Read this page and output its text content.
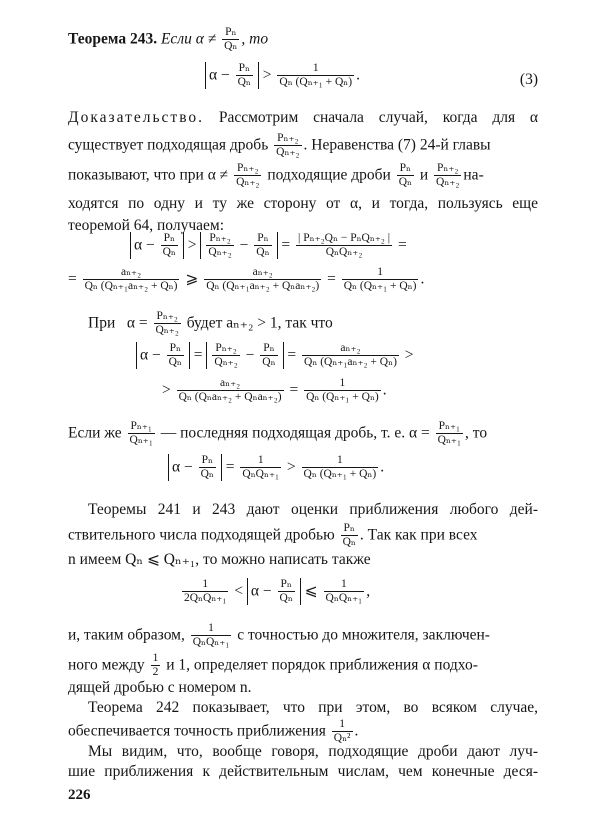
Теорема 243. Если $\alpha \ne \frac{\text{Pₙ}}{\text{Qₙ}}$ , то
$\alpha - \frac{\text{Pₙ}}{\text{Qₙ}} > \frac{1}{\text{Qₙ (Qₙ₊₁ + Qₙ)}}$ .	(3)
Доказательство. Рассмотрим сначала случай, когда для α
существует подходящая дробь $\frac{\text{Pₙ₊₂}}{\text{Qₙ₊₂}}$ . Неравенства (7) 24-й главы
показывают, что при $\alpha \ne \frac{\text{Pₙ₊₂}}{\text{Qₙ₊₂}}$ подходящие дроби $\frac{\text{Pₙ}}{\text{Qₙ}}$ и $\frac{\text{Pₙ₊₂}}{\text{Qₙ₊₂}} на-$
ходятся по одну и ту же сторону от α, и тогда, пользуясь еще
теоремой 64, получаем:
$\alpha - \frac{\text{Pₙ}}{\text{Qₙ}} > \frac{\text{Pₙ₊₂}}{\text{Qₙ₊₂}} - \frac{\text{Pₙ}}{\text{Qₙ}}$ = | Pₙ₊₂Qₙ − PₙQₙ₊₂ |
QₙQₙ₊₂	=
= $\frac{\text{aₙ₊₂}}{\text{Qₙ (Qₙ₊₁aₙ₊₂ + Qₙ)}}$ ⩾	aₙ₊₂
Qₙ $(Q_{n+1}a_{n+2} + Q_na_{n+2}) = \frac{1}{\text{Qₙ (Qₙ₊₁ + Qₙ)}}$ .
При $\alpha = \frac{\text{Pₙ₊₂}}{\text{Qₙ₊₂}}$ будет aₙ₊₂ > 1, так что
$\alpha - \frac{\text{Pₙ}}{\text{Qₙ}} = \frac{\text{Pₙ₊₂}}{\text{Qₙ₊₂}} - \frac{\text{Pₙ}}{\text{Qₙ}} = \frac{\text{aₙ₊₂}}{\text{Qₙ (Qₙ₊₁aₙ₊₂ + Qₙ)}}$ >
>	aₙ₊₂
Qₙ $(Q_na_{n+2} + Q_na_{n+2}) = \frac{1}{\text{Qₙ (Qₙ₊₁ + Qₙ)}}$ .
Если же $\frac{\text{Pₙ₊₁}}{\text{Qₙ₊₁}}$ — последняя подходящая дробь, т. е. $\alpha = \frac{\text{Pₙ₊₁}}{\text{Qₙ₊₁}}$ , то
$\alpha - \frac{\text{Pₙ}}{\text{Qₙ}}$ =	1
$Q_nQ_{n+1} > \frac{1}{\text{Qₙ (Qₙ₊₁ + Qₙ)}}$ .
Теоремы 241 и 243 дают оценки приближения любого дей-
ствительного числа подходящей дробью $\frac{\text{Pₙ}}{\text{Qₙ}}$ . Так как при всех
n имеем Qₙ ⩽ Qₙ₊₁, то можно написать также
1
$2Q_nQ_{n+1} < \alpha - \frac{\text{Pₙ}}{\text{Qₙ}}$ ⩽	1
QₙQₙ₊₁ ,
и, таким образом,	1
QₙQₙ₊₁ с точностью до множителя, заключен-
ного между $\frac{1}{2}$ и 1, определяет порядок приближения α подхо-
дящей дробью с номером n.
Теорема 242 показывает, что при этом, во всяком случае,
обеспечивается точность приближения $\frac{1}{\text{Qₙ²}}$ .
Мы видим, что, вообще говоря, подходящие дроби дают луч-
шие приближения к действительным числам, чем конечные деся-
226
